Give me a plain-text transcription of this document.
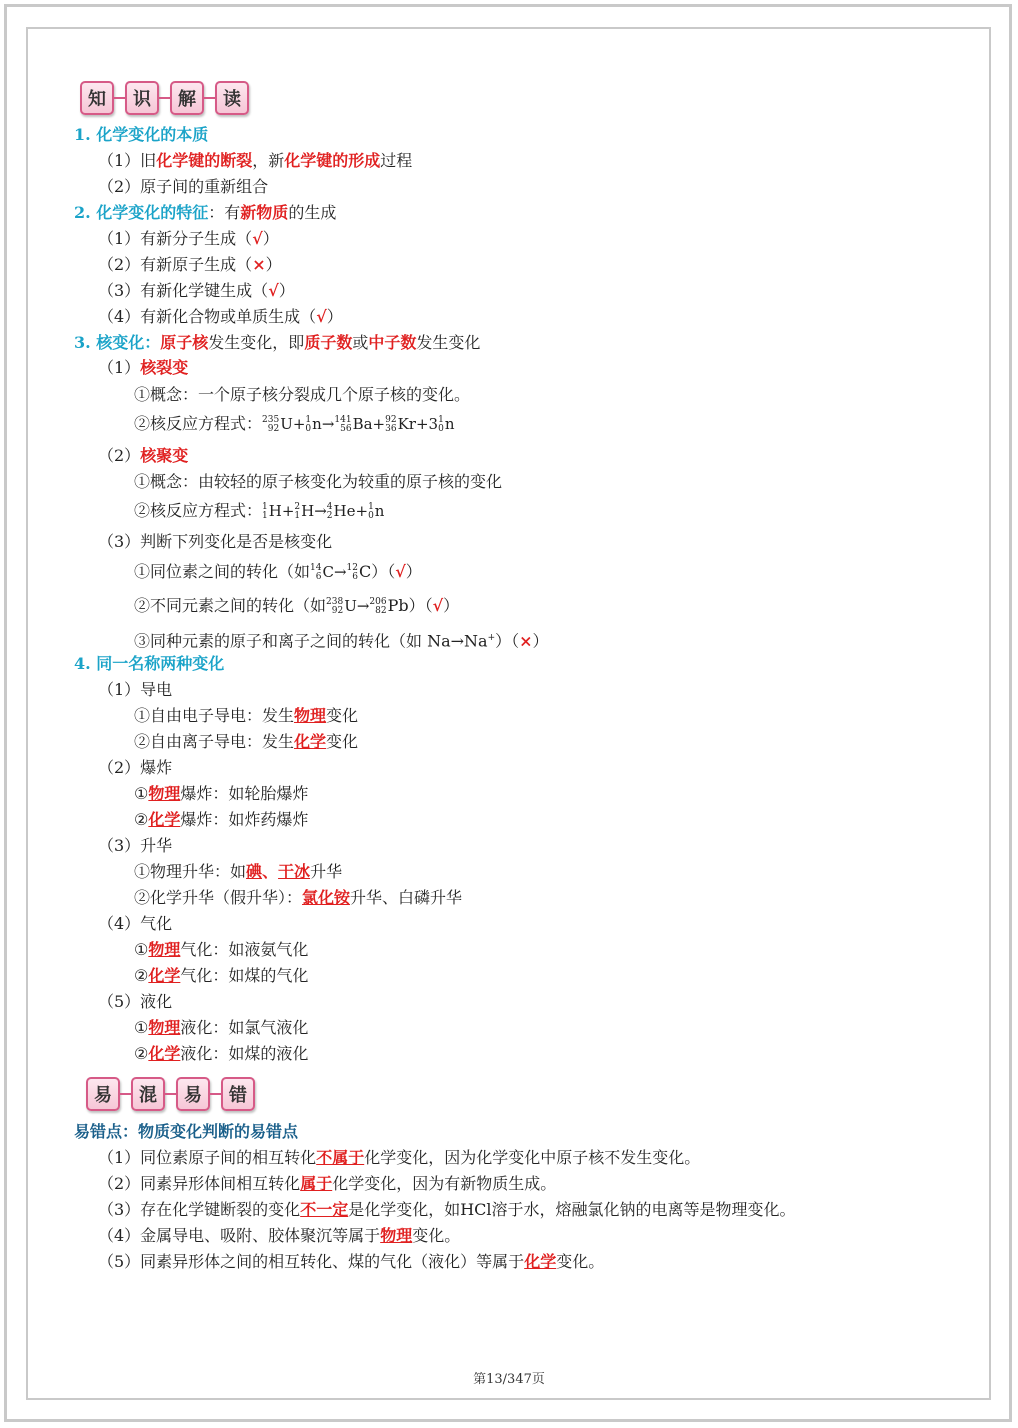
知	识	解	读
1. 化学变化的本质
（1）旧化学键的断裂，新化学键的形成过程
（2）原子间的重新组合
2. 化学变化的特征：有新物质的生成
（1）有新分子生成（√）
（2）有新原子生成（×）
（3）有新化学键生成（√）
（4）有新化合物或单质生成（√）
3. 核变化：原子核发生变化，即质子数或中子数发生变化
（1）核裂变
①概念：一个原子核分裂成几个原子核的变化。
②核反应方程式： 235
92 U+ 1
0 n→ 141
56 Ba+ 92
36 Kr+3 1
0 n
（2）核聚变
①概念：由较轻的原子核变化为较重的原子核的变化
②核反应方程式： 1
1 H+ 2
1 H→ 4
2 He+ 1
0 n
（3）判断下列变化是否是核变化
①同位素之间的转化（如 14
6 C→ 12
6 C）（√）
②不同元素之间的转化（如 238
92 U→ 206
82 Pb）（√）
③同种元素的原子和离子之间的转化（如 Na→Na+）（×）
4. 同一名称两种变化
（1）导电
①自由电子导电：发生物理变化
②自由离子导电：发生化学变化
（2）爆炸
①物理爆炸：如轮胎爆炸
②化学爆炸：如炸药爆炸
（3）升华
①物理升华：如碘、干冰升华
②化学升华（假升华）：氯化铵升华、白磷升华
（4）气化
①物理气化：如液氨气化
②化学气化：如煤的气化
（5）液化
①物理液化：如氯气液化
②化学液化：如煤的液化
易	混	易	错
易错点：物质变化判断的易错点
（1）同位素原子间的相互转化不属于化学变化，因为化学变化中原子核不发生变化。
（2）同素异形体间相互转化属于化学变化，因为有新物质生成。
（3）存在化学键断裂的变化不一定是化学变化，如HCl溶于水，熔融氯化钠的电离等是物理变化。
（4）金属导电、吸附、胶体聚沉等属于物理变化。
（5）同素异形体之间的相互转化、煤的气化（液化）等属于化学变化。
第13/347页
